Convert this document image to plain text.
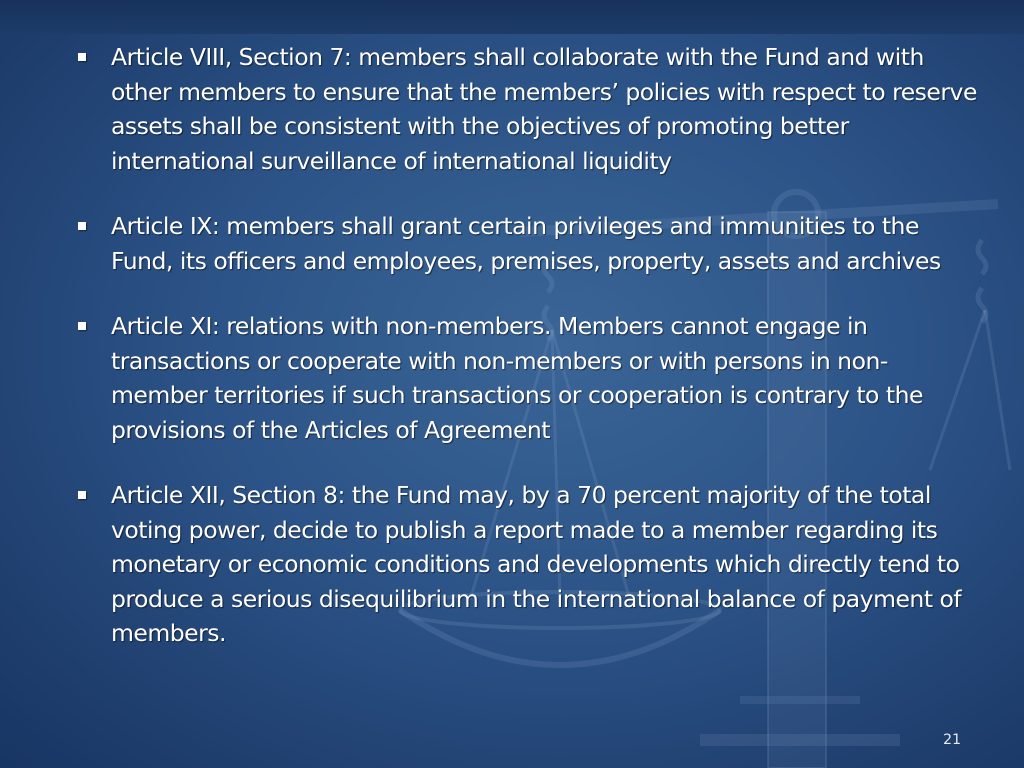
Article VIII, Section 7: members shall collaborate with the Fund and with other members to ensure that the members’ policies with respect to reserve assets shall be consistent with the objectives of promoting better international surveillance of international liquidity
Article IX: members shall grant certain privileges and immunities to the Fund, its officers and employees, premises, property, assets and archives
Article XI: relations with non-members. Members cannot engage in transactions or cooperate with non-members or with persons in non-member territories if such transactions or cooperation is contrary to the provisions of the Articles of Agreement
Article XII, Section 8: the Fund may, by a 70 percent majority of the total voting power, decide to publish a report made to a member regarding its monetary or economic conditions and developments which directly tend to produce a serious disequilibrium in the international balance of payment of members.
21
